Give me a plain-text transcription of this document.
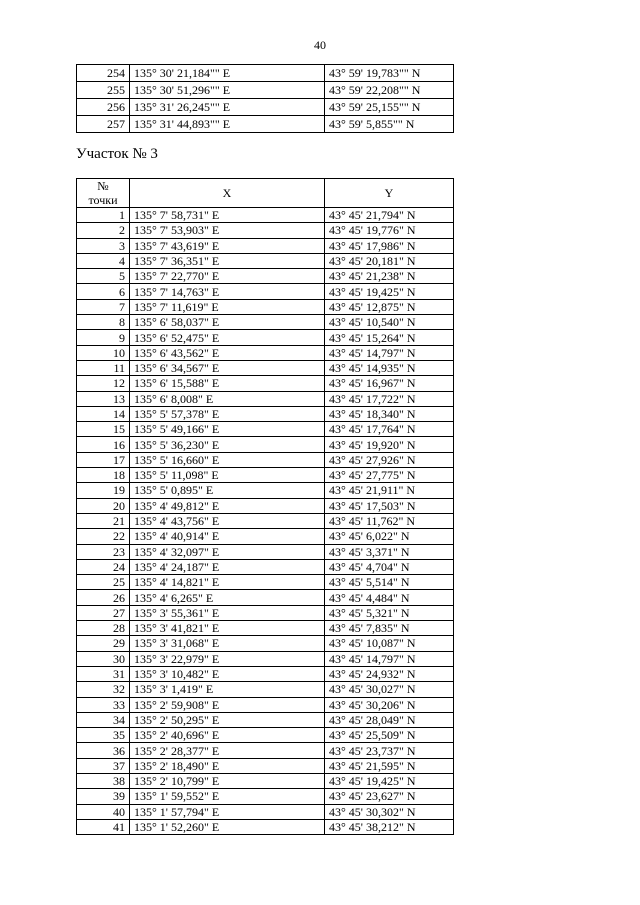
40
254	135° 30' 21,184"" E	43° 59' 19,783"" N
255	135° 30' 51,296"" E	43° 59' 22,208"" N
256	135° 31' 26,245"" E	43° 59' 25,155"" N
257	135° 31' 44,893"" E	43° 59' 5,855"" N
Участок № 3
№
точки	X	Y
1	135° 7' 58,731" E	43° 45' 21,794" N
2	135° 7' 53,903" E	43° 45' 19,776" N
3	135° 7' 43,619" E	43° 45' 17,986" N
4	135° 7' 36,351" E	43° 45' 20,181" N
5	135° 7' 22,770" E	43° 45' 21,238" N
6	135° 7' 14,763" E	43° 45' 19,425" N
7	135° 7' 11,619" E	43° 45' 12,875" N
8	135° 6' 58,037" E	43° 45' 10,540" N
9	135° 6' 52,475" E	43° 45' 15,264" N
10	135° 6' 43,562" E	43° 45' 14,797" N
11	135° 6' 34,567" E	43° 45' 14,935" N
12	135° 6' 15,588" E	43° 45' 16,967" N
13	135° 6' 8,008" E	43° 45' 17,722" N
14	135° 5' 57,378" E	43° 45' 18,340" N
15	135° 5' 49,166" E	43° 45' 17,764" N
16	135° 5' 36,230" E	43° 45' 19,920" N
17	135° 5' 16,660" E	43° 45' 27,926" N
18	135° 5' 11,098" E	43° 45' 27,775" N
19	135° 5' 0,895" E	43° 45' 21,911" N
20	135° 4' 49,812" E	43° 45' 17,503" N
21	135° 4' 43,756" E	43° 45' 11,762" N
22	135° 4' 40,914" E	43° 45' 6,022" N
23	135° 4' 32,097" E	43° 45' 3,371" N
24	135° 4' 24,187" E	43° 45' 4,704" N
25	135° 4' 14,821" E	43° 45' 5,514" N
26	135° 4' 6,265" E	43° 45' 4,484" N
27	135° 3' 55,361" E	43° 45' 5,321" N
28	135° 3' 41,821" E	43° 45' 7,835" N
29	135° 3' 31,068" E	43° 45' 10,087" N
30	135° 3' 22,979" E	43° 45' 14,797" N
31	135° 3' 10,482" E	43° 45' 24,932" N
32	135° 3' 1,419" E	43° 45' 30,027" N
33	135° 2' 59,908" E	43° 45' 30,206" N
34	135° 2' 50,295" E	43° 45' 28,049" N
35	135° 2' 40,696" E	43° 45' 25,509" N
36	135° 2' 28,377" E	43° 45' 23,737" N
37	135° 2' 18,490" E	43° 45' 21,595" N
38	135° 2' 10,799" E	43° 45' 19,425" N
39	135° 1' 59,552" E	43° 45' 23,627" N
40	135° 1' 57,794" E	43° 45' 30,302" N
41	135° 1' 52,260" E	43° 45' 38,212" N
